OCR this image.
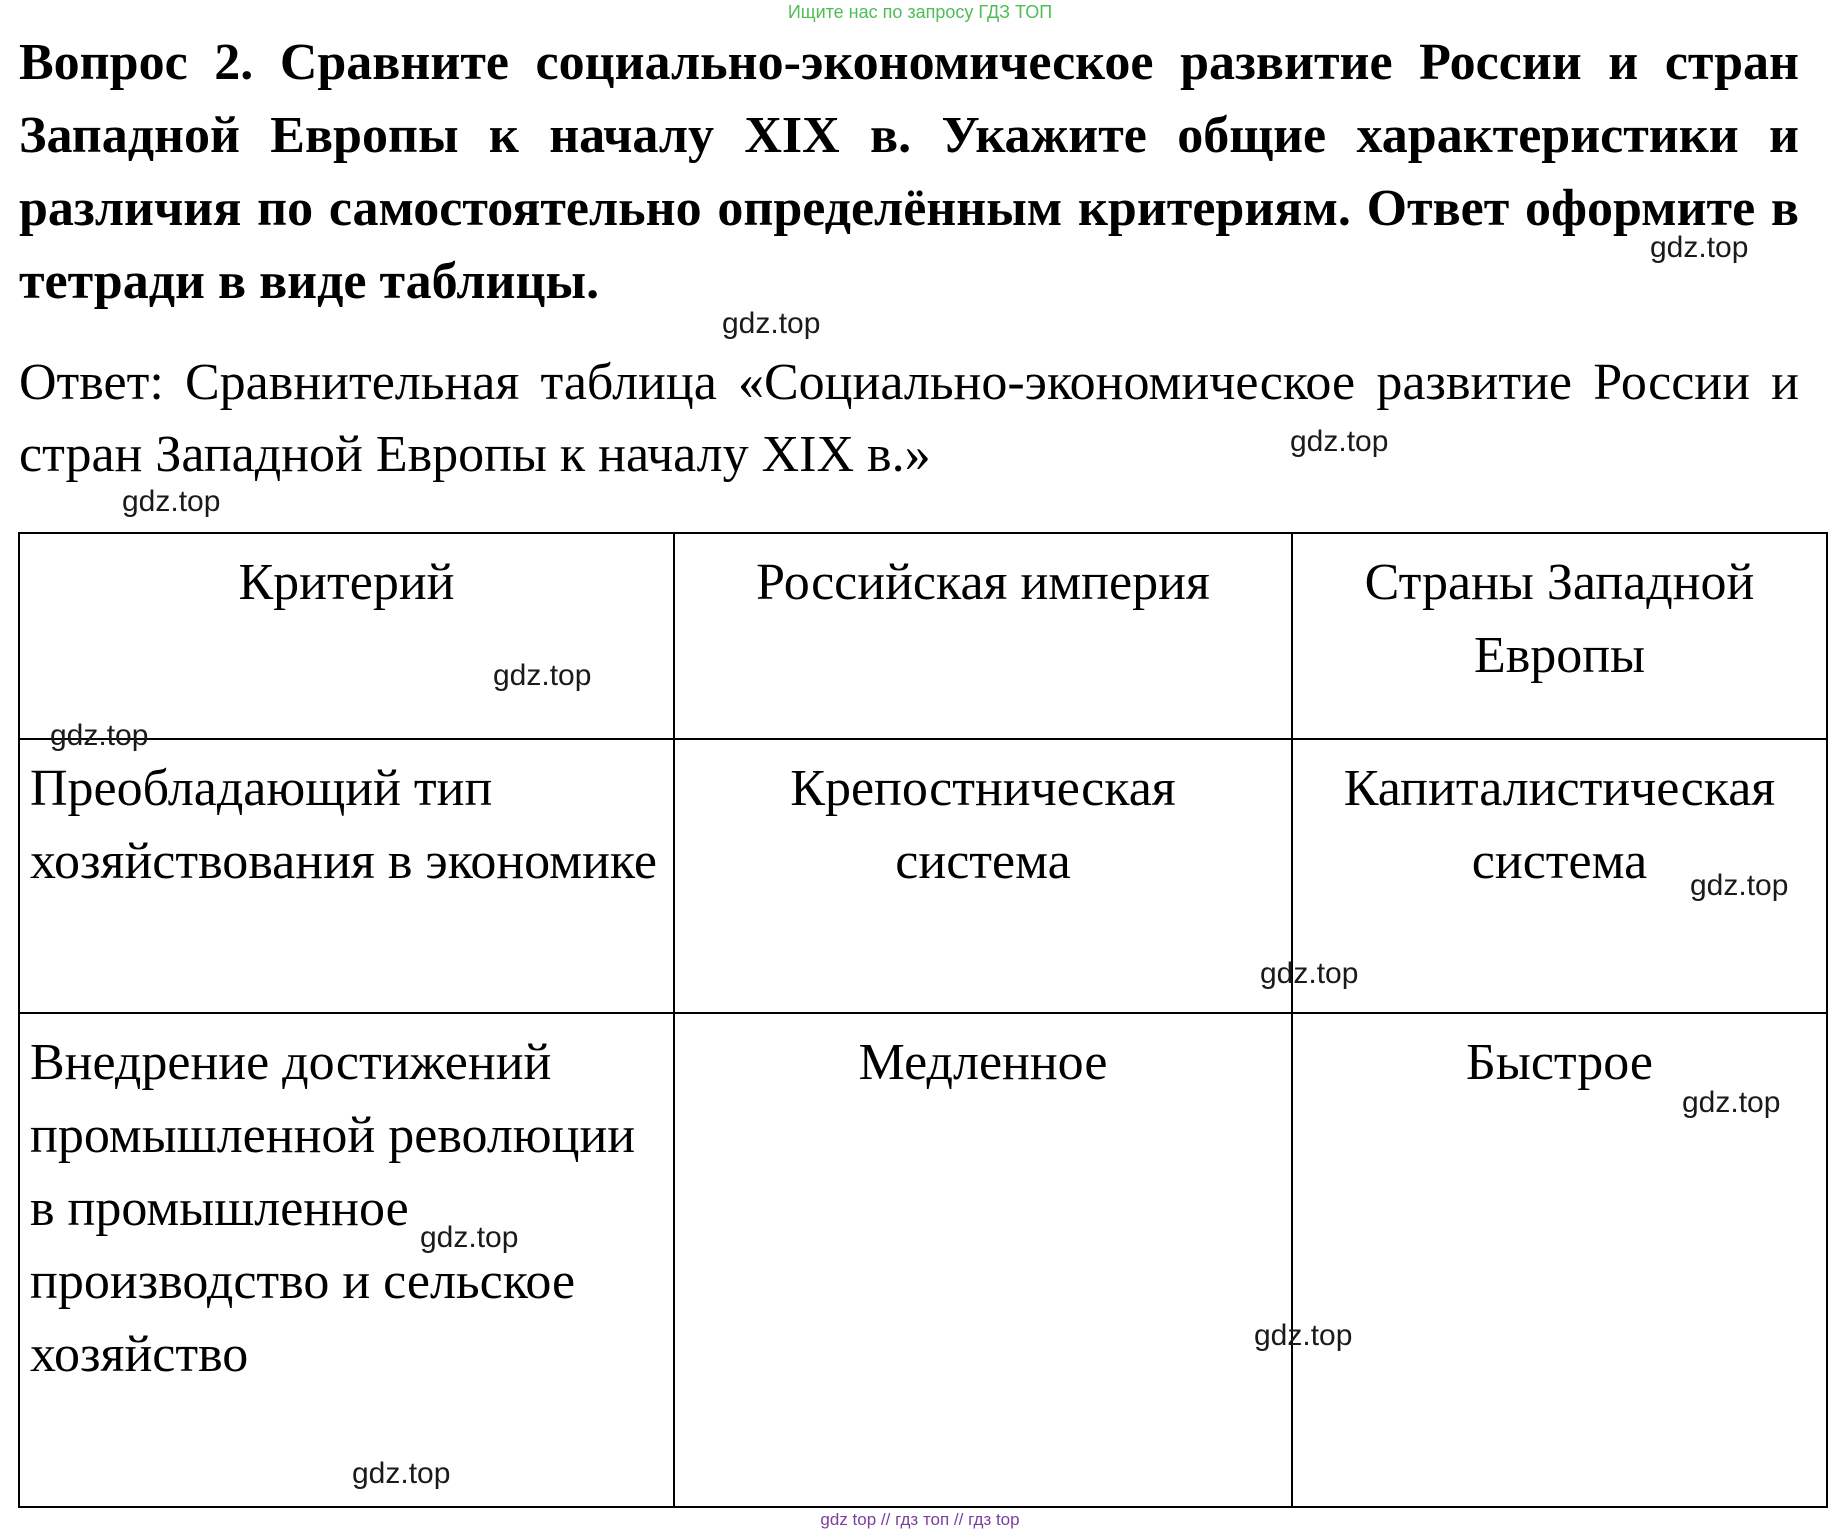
Ищите нас по запросу ГДЗ ТОП

Вопрос 2. Сравните социально-экономическое развитие России и стран Западной Европы к началу XIX в. Укажите общие характеристики и различия по самостоятельно определённым критериям. Ответ оформите в тетради в виде таблицы.

Ответ: Сравнительная таблица «Социально-экономическое развитие России и стран Западной Европы к началу XIX в.»

Критерий	Российская империя	Страны Западной Европы
Преобладающий тип хозяйствования в экономике	Крепостническая система	Капиталистическая система
Внедрение достижений промышленной революции в промышленное производство и сельское хозяйство	Медленное	Быстрое
gdz.top
gdz.top
gdz.top
gdz.top
gdz.top
gdz.top
gdz.top
gdz.top
gdz.top
gdz.top
gdz.top
gdz.top
gdz top // гдз топ // гдз top
